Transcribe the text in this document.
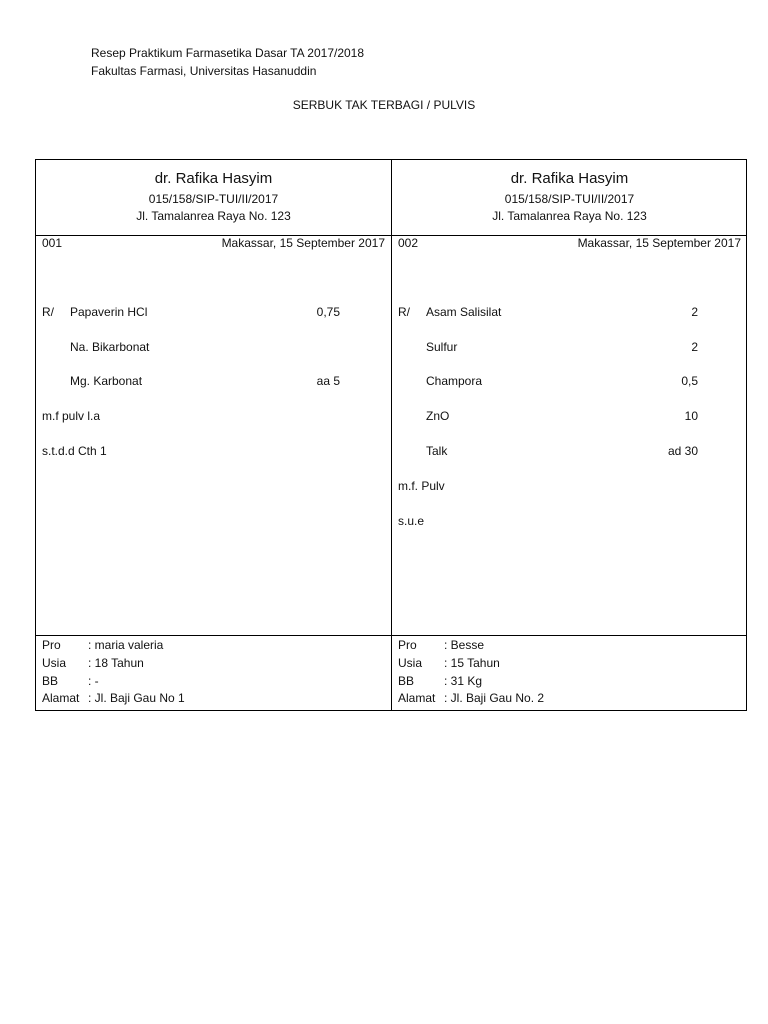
Resep Praktikum Farmasetika Dasar TA 2017/2018
Fakultas Farmasi, Universitas Hasanuddin
SERBUK TAK TERBAGI / PULVIS
dr. Rafika Hasyim
015/158/SIP-TUI/II/2017
Jl. Tamalanrea Raya No. 123
001	Makassar, 15 September 2017
R/ Papaverin HCl	0,75
Na. Bikarbonat
Mg. Karbonat	aa 5
m.f pulv l.a
s.t.d.d Cth 1
Pro : maria valeria
Usia : 18 Tahun
BB : -
Alamat : Jl. Baji Gau No 1
dr. Rafika Hasyim
015/158/SIP-TUI/II/2017
Jl. Tamalanrea Raya No. 123
002	Makassar, 15 September 2017
R/ Asam Salisilat	2
Sulfur	2
Champora	0,5
ZnO	10
Talk	ad 30
m.f. Pulv
s.u.e
Pro : Besse
Usia : 15 Tahun
BB : 31 Kg
Alamat : Jl. Baji Gau No. 2
